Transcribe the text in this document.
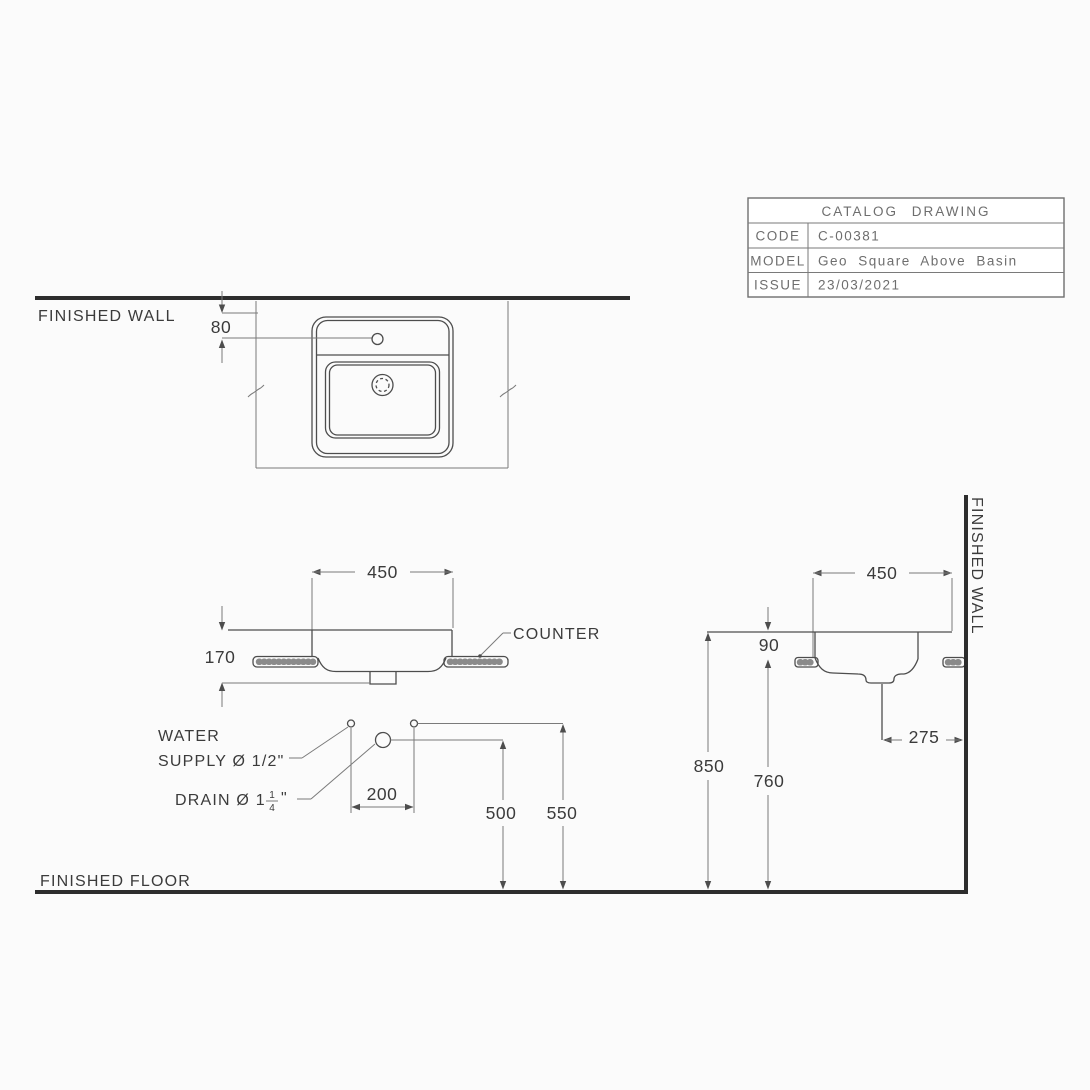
FINISHED WALL
80
450
COUNTER
170
WATER
SUPPLY Ø 1/2"
DRAIN Ø 1 1
4
"	200
500 550
450
90
275
850
760
FINISHED WALL
FINISHED FLOOR
CATALOG DRAWING
CODE C-00381
MODEL Geo Square Above Basin
ISSUE 23/03/2021
